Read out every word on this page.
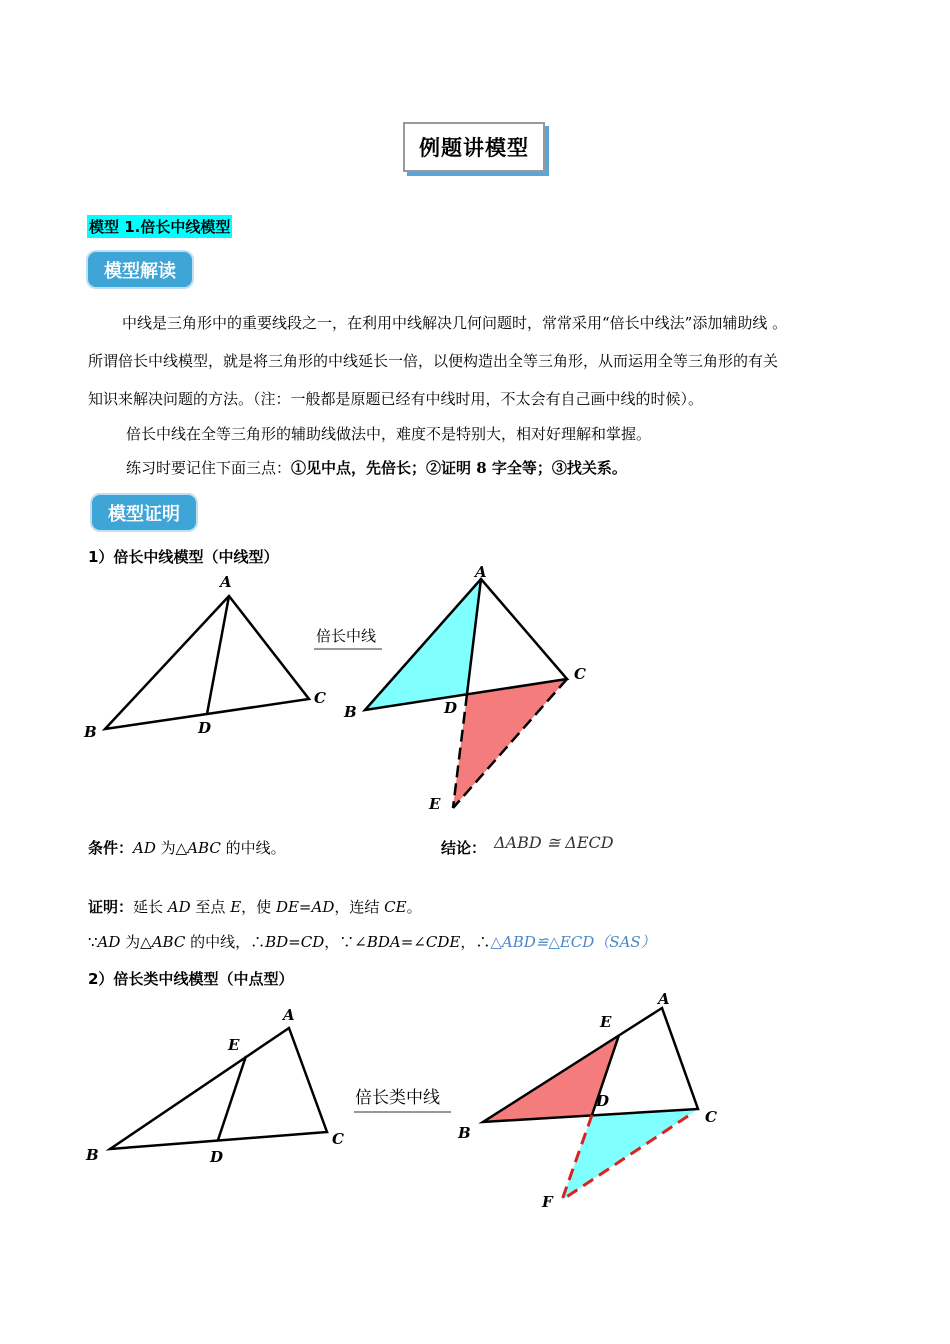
例题讲模型
模型 1.倍长中线模型
模型解读
中线是三角形中的重要线段之一，在利用中线解决几何问题时，常常采用“倍长中线法”添加辅助线 。
所谓倍长中线模型，就是将三角形的中线延长一倍，以便构造出全等三角形，从而运用全等三角形的有关
知识来解决问题的方法。（注：一般都是原题已经有中线时用，不太会有自己画中线的时候）。
倍长中线在全等三角形的辅助线做法中，难度不是特别大，相对好理解和掌握。
练习时要记住下面三点：①见中点，先倍长；②证明 8 字全等；③找关系。
模型证明
1）倍长中线模型（中线型）
A
B
C
D
倍长中线
A
B
C
D
E
条件：AD 为△ABC 的中线。	结论： ΔABD ≅ ΔECD
证明：延长 AD 至点 E，使 DE=AD，连结 CE。
∵AD 为△ABC 的中线，∴BD=CD，∵∠BDA=∠CDE，∴△ABD≌△ECD（SAS）
2）倍长类中线模型（中点型）
A
E
B
C
D
倍长类中线
A
E
B
C
D
F
